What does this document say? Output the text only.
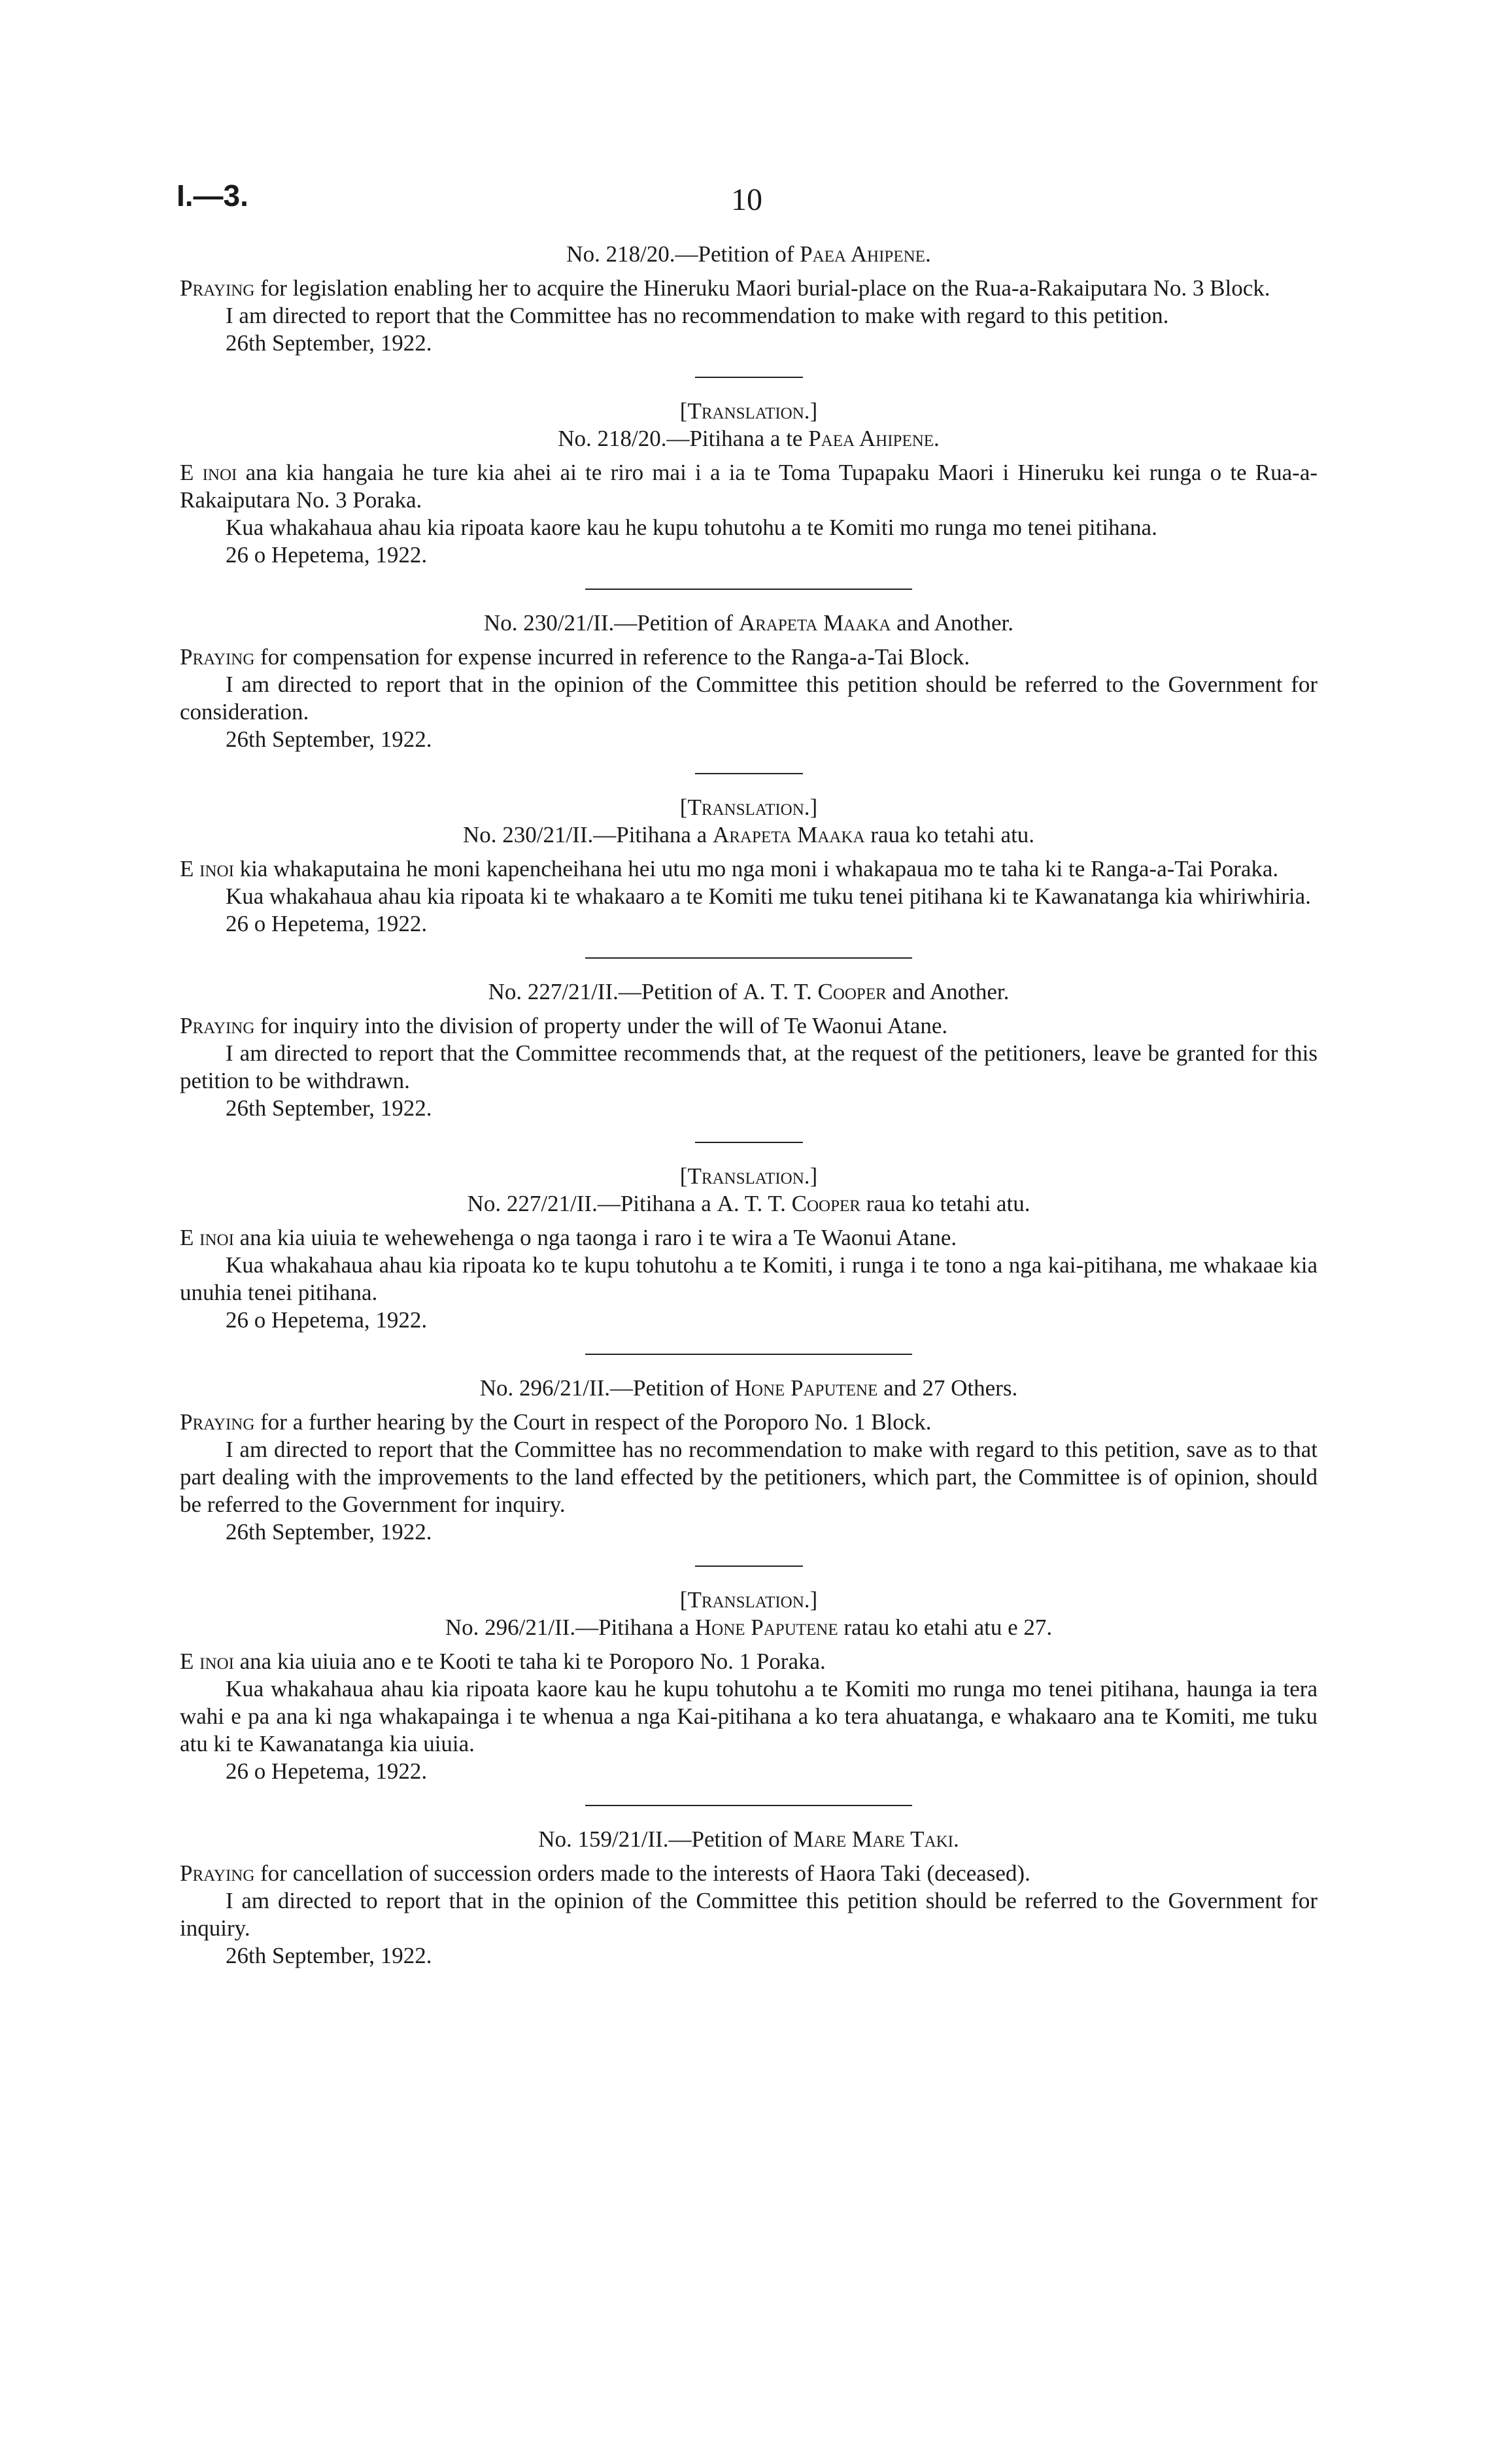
I.—3.	10

No. 218/20.—Petition of Paea Ahipene.

Praying for legislation enabling her to acquire the Hineruku Maori burial-place on the Rua-a-Rakaiputara No. 3 Block.

I am directed to report that the Committee has no recommendation to make with regard to this petition.

26th September, 1922.

[Translation.]

No. 218/20.—Pitihana a te Paea Ahipene.

E inoi ana kia hangaia he ture kia ahei ai te riro mai i a ia te Toma Tupapaku Maori i Hineruku kei runga o te Rua-a-Rakaiputara No. 3 Poraka.

Kua whakahaua ahau kia ripoata kaore kau he kupu tohutohu a te Komiti mo runga mo tenei pitihana.

26 o Hepetema, 1922.

No. 230/21/II.—Petition of Arapeta Maaka and Another.

Praying for compensation for expense incurred in reference to the Ranga-a-Tai Block.

I am directed to report that in the opinion of the Committee this petition should be referred to the Government for consideration.

26th September, 1922.

[Translation.]

No. 230/21/II.—Pitihana a Arapeta Maaka raua ko tetahi atu.

E inoi kia whakaputaina he moni kapencheihana hei utu mo nga moni i whakapaua mo te taha ki te Ranga-a-Tai Poraka.

Kua whakahaua ahau kia ripoata ki te whakaaro a te Komiti me tuku tenei pitihana ki te Kawanatanga kia whiriwhiria.

26 o Hepetema, 1922.

No. 227/21/II.—Petition of A. T. T. Cooper and Another.

Praying for inquiry into the division of property under the will of Te Waonui Atane.

I am directed to report that the Committee recommends that, at the request of the petitioners, leave be granted for this petition to be withdrawn.

26th September, 1922.

[Translation.]

No. 227/21/II.—Pitihana a A. T. T. Cooper raua ko tetahi atu.

E inoi ana kia uiuia te wehewehenga o nga taonga i raro i te wira a Te Waonui Atane.

Kua whakahaua ahau kia ripoata ko te kupu tohutohu a te Komiti, i runga i te tono a nga kai-pitihana, me whakaae kia unuhia tenei pitihana.

26 o Hepetema, 1922.

No. 296/21/II.—Petition of Hone Paputene and 27 Others.

Praying for a further hearing by the Court in respect of the Poroporo No. 1 Block.

I am directed to report that the Committee has no recommendation to make with regard to this petition, save as to that part dealing with the improvements to the land effected by the petitioners, which part, the Committee is of opinion, should be referred to the Government for inquiry.

26th September, 1922.

[Translation.]

No. 296/21/II.—Pitihana a Hone Paputene ratau ko etahi atu e 27.

E inoi ana kia uiuia ano e te Kooti te taha ki te Poroporo No. 1 Poraka.

Kua whakahaua ahau kia ripoata kaore kau he kupu tohutohu a te Komiti mo runga mo tenei pitihana, haunga ia tera wahi e pa ana ki nga whakapainga i te whenua a nga Kai-pitihana a ko tera ahuatanga, e whakaaro ana te Komiti, me tuku atu ki te Kawanatanga kia uiuia.

26 o Hepetema, 1922.

No. 159/21/II.—Petition of Mare Mare Taki.

Praying for cancellation of succession orders made to the interests of Haora Taki (deceased).

I am directed to report that in the opinion of the Committee this petition should be referred to the Government for inquiry.

26th September, 1922.
